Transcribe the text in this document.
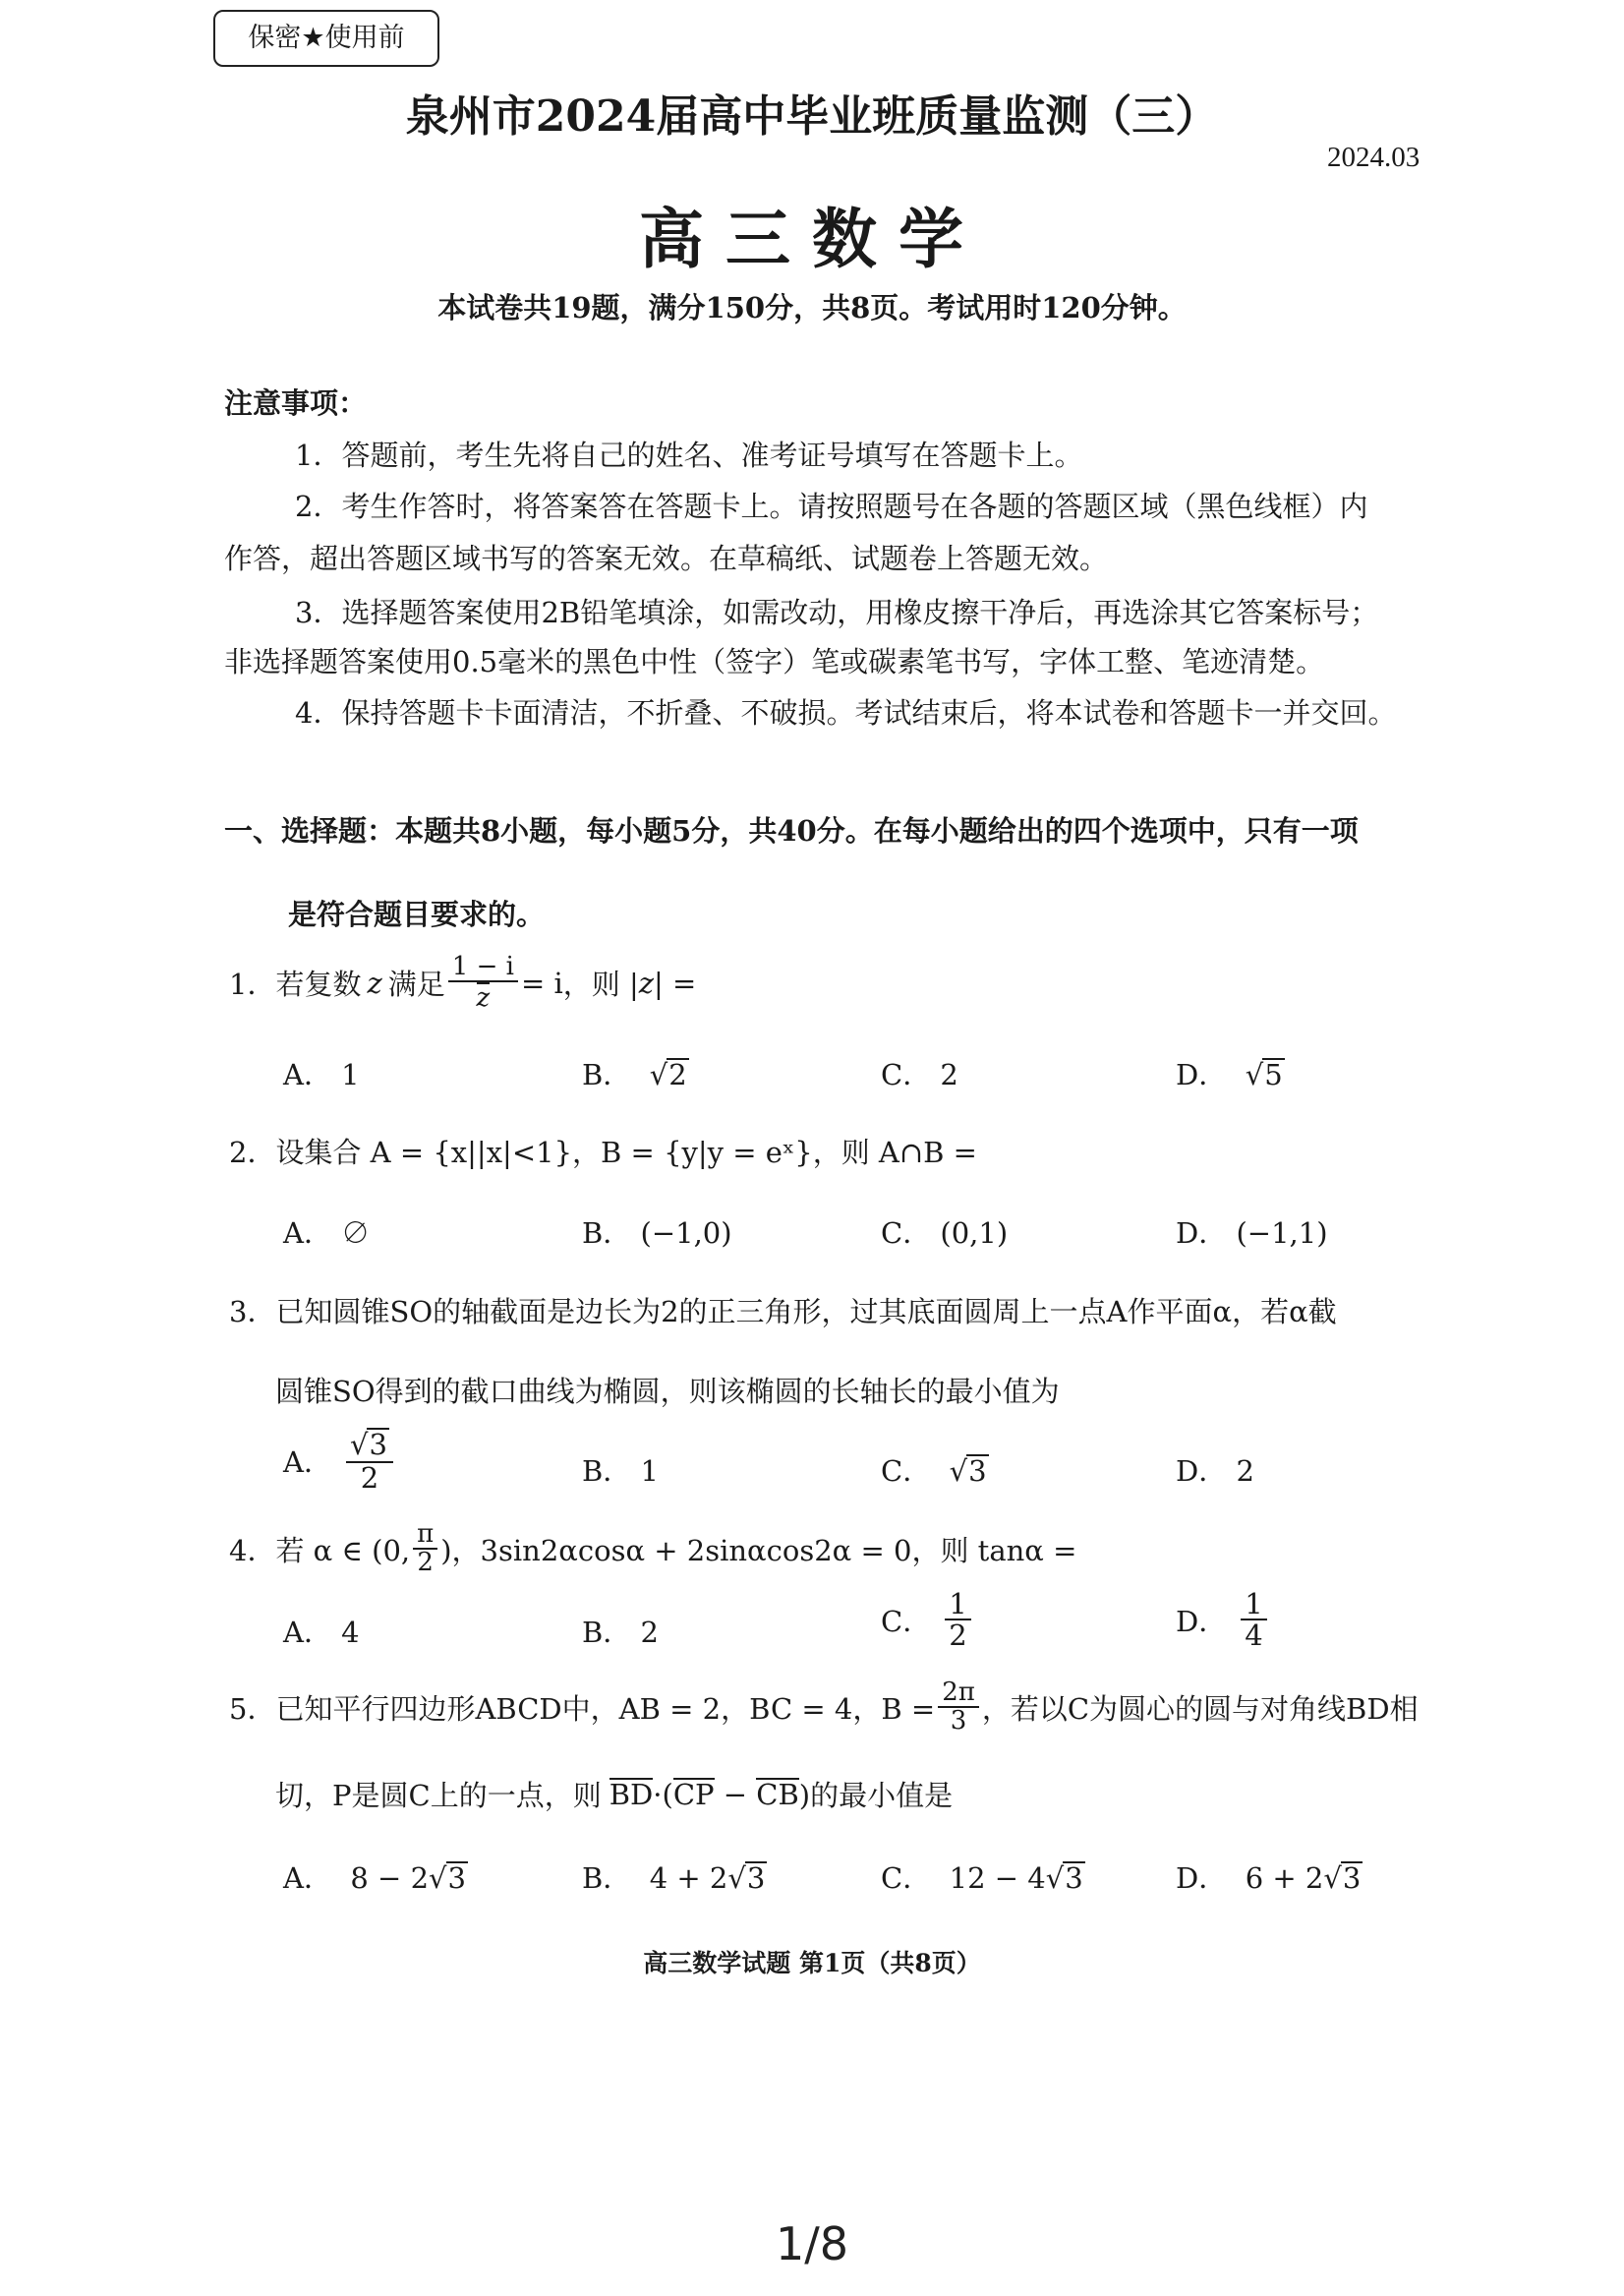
保密★使用前
泉州市2024届高中毕业班质量监测（三）
2024.03
高三数学
本试卷共19题，满分150分，共8页。考试用时120分钟。
注意事项：
1．答题前，考生先将自己的姓名、准考证号填写在答题卡上。
2．考生作答时，将答案答在答题卡上。请按照题号在各题的答题区域（黑色线框）内
作答，超出答题区域书写的答案无效。在草稿纸、试题卷上答题无效。
3．选择题答案使用2B铅笔填涂，如需改动，用橡皮擦干净后，再选涂其它答案标号；
非选择题答案使用0.5毫米的黑色中性（签字）笔或碳素笔书写，字体工整、笔迹清楚。
4．保持答题卡卡面清洁，不折叠、不破损。考试结束后，将本试卷和答题卡一并交回。
一、选择题：本题共8小题，每小题5分，共40分。在每小题给出的四个选项中，只有一项
是符合题目要求的。
1． 若复数 z 满足 $\frac{1 - i}{z} = i$ ，则 | z | =
A． 1	B． √2	C． 2	D． √5
2．设集合 A = {x||x|<1}，B = {y|y = eˣ}，则 A∩B =
A． ∅	B． (−1,0)	C． (0,1)	D． (−1,1)
3．已知圆锥SO的轴截面是边长为2的正三角形，过其底面圆周上一点A作平面α，若α截
圆锥SO得到的截口曲线为椭圆，则该椭圆的长轴长的最小值为
A． $\frac{√3}{2}$	B． 1	C． √3	D． 2
4．若 α ∈ (0, $\frac{\pi}{2}$ )，3sin2αcosα + 2sinαcos2α = 0，则 tanα =
A． 4	B． 2	C． $\frac{1}{2}$	D． $\frac{1}{4}$
5．已知平行四边形ABCD中，AB = 2，BC = 4，$B = \frac{2\pi}{3}$ ，若以C为圆心的圆与对角线BD相
切，P是圆C上的一点，则 BD ·( CP − CB )的最小值是
A．  8 − 2√3	B．  4 + 2√3	C．  12 − 4√3	D．  6 + 2√3
高三数学试题 第1页（共8页）
1/8
